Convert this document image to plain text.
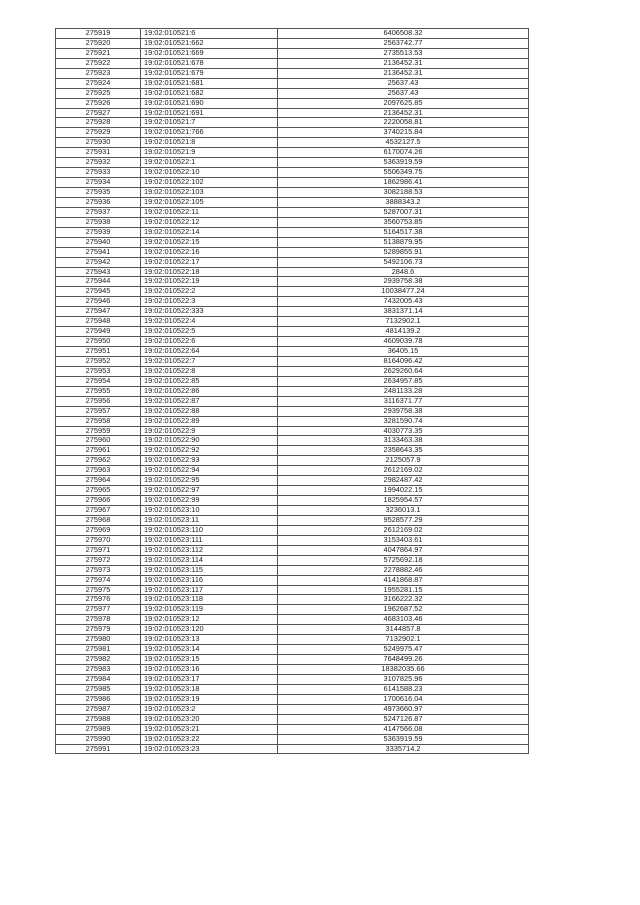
275919	19:02:010521:6	6406508.32
275920	19:02:010521:662	2563742.77
275921	19:02:010521:669	2735513.53
275922	19:02:010521:678	2136452.31
275923	19:02:010521:679	2136452.31
275924	19:02:010521:681	25637.43
275925	19:02:010521:682	25637.43
275926	19:02:010521:690	2097625.85
275927	19:02:010521:691	2136452.31
275928	19:02:010521:7	2220058.81
275929	19:02:010521:766	3740215.84
275930	19:02:010521:8	4532127.5
275931	19:02:010521:9	6170074.26
275932	19:02:010522:1	5363919.59
275933	19:02:010522:10	5506349.75
275934	19:02:010522:102	1862986.41
275935	19:02:010522:103	3082188.53
275936	19:02:010522:105	3888343.2
275937	19:02:010522:11	5287007.31
275938	19:02:010522:12	3560753.85
275939	19:02:010522:14	5164517.38
275940	19:02:010522:15	5138879.95
275941	19:02:010522:16	5289855.91
275942	19:02:010522:17	5492106.73
275943	19:02:010522:18	2848.6
275944	19:02:010522:19	2939758.38
275945	19:02:010522:2	10038477.24
275946	19:02:010522:3	7432005.43
275947	19:02:010522:333	3831371.14
275948	19:02:010522:4	7132902.1
275949	19:02:010522:5	4814139.2
275950	19:02:010522:6	4609039.78
275951	19:02:010522:64	36405.15
275952	19:02:010522:7	8164096.42
275953	19:02:010522:8	2629260.64
275954	19:02:010522:85	2634957.85
275955	19:02:010522:86	2481133.28
275956	19:02:010522:87	3116371.77
275957	19:02:010522:88	2939758.38
275958	19:02:010522:89	3281590.74
275959	19:02:010522:9	4030773.35
275960	19:02:010522:90	3133463.38
275961	19:02:010522:92	2358643.35
275962	19:02:010522:93	2125057.9
275963	19:02:010522:94	2612169.02
275964	19:02:010522:95	2982487.42
275965	19:02:010522:97	1994022.15
275966	19:02:010522:99	1825954.57
275967	19:02:010523:10	3236013.1
275968	19:02:010523:11	9528577.29
275969	19:02:010523:110	2612169.02
275970	19:02:010523:111	3153403.61
275971	19:02:010523:112	4047864.97
275972	19:02:010523:114	5725692.18
275973	19:02:010523:115	2278882.46
275974	19:02:010523:116	4141868.87
275975	19:02:010523:117	1955281.15
275976	19:02:010523:118	3166222.32
275977	19:02:010523:119	1962687.52
275978	19:02:010523:12	4683103.46
275979	19:02:010523:120	3144857.8
275980	19:02:010523:13	7132902.1
275981	19:02:010523:14	5249975.47
275982	19:02:010523:15	7648499.26
275983	19:02:010523:16	18382035.66
275984	19:02:010523:17	3107825.96
275985	19:02:010523:18	6141588.23
275986	19:02:010523:19	1700616.04
275987	19:02:010523:2	4973660.97
275988	19:02:010523:20	5247126.87
275989	19:02:010523:21	4147566.08
275990	19:02:010523:22	5363919.59
275991	19:02:010523:23	3335714.2
